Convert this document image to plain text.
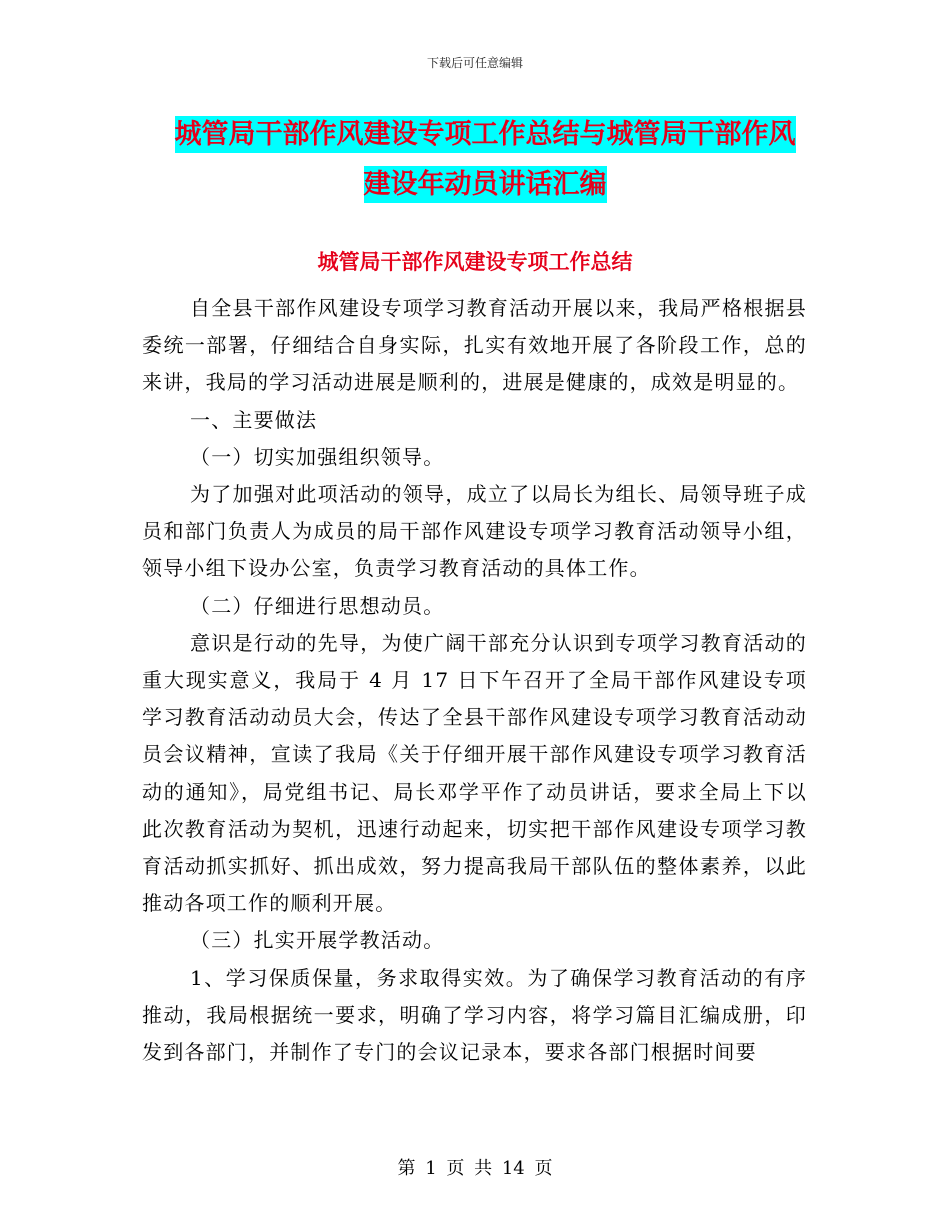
下载后可任意编辑
城管局干部作风建设专项工作总结与城管局干部作风
建设年动员讲话汇编
城管局干部作风建设专项工作总结

自全县干部作风建设专项学习教育活动开展以来，我局严格根据县委统一部署，仔细结合自身实际，扎实有效地开展了各阶段工作，总的来讲，我局的学习活动进展是顺利的，进展是健康的，成效是明显的。

一、主要做法

（一）切实加强组织领导。

为了加强对此项活动的领导，成立了以局长为组长、局领导班子成员和部门负责人为成员的局干部作风建设专项学习教育活动领导小组，领导小组下设办公室，负责学习教育活动的具体工作。

（二）仔细进行思想动员。

意识是行动的先导，为使广阔干部充分认识到专项学习教育活动的重大现实意义，我局于 4 月 17 日下午召开了全局干部作风建设专项学习教育活动动员大会，传达了全县干部作风建设专项学习教育活动动员会议精神，宣读了我局《关于仔细开展干部作风建设专项学习教育活动的通知》，局党组书记、局长邓学平作了动员讲话，要求全局上下以此次教育活动为契机，迅速行动起来，切实把干部作风建设专项学习教育活动抓实抓好、抓出成效，努力提高我局干部队伍的整体素养，以此推动各项工作的顺利开展。

（三）扎实开展学教活动。

1、学习保质保量，务求取得实效。为了确保学习教育活动的有序推动，我局根据统一要求，明确了学习内容，将学习篇目汇编成册，印发到各部门，并制作了专门的会议记录本，要求各部门根据时间要

第 1 页 共 14 页
